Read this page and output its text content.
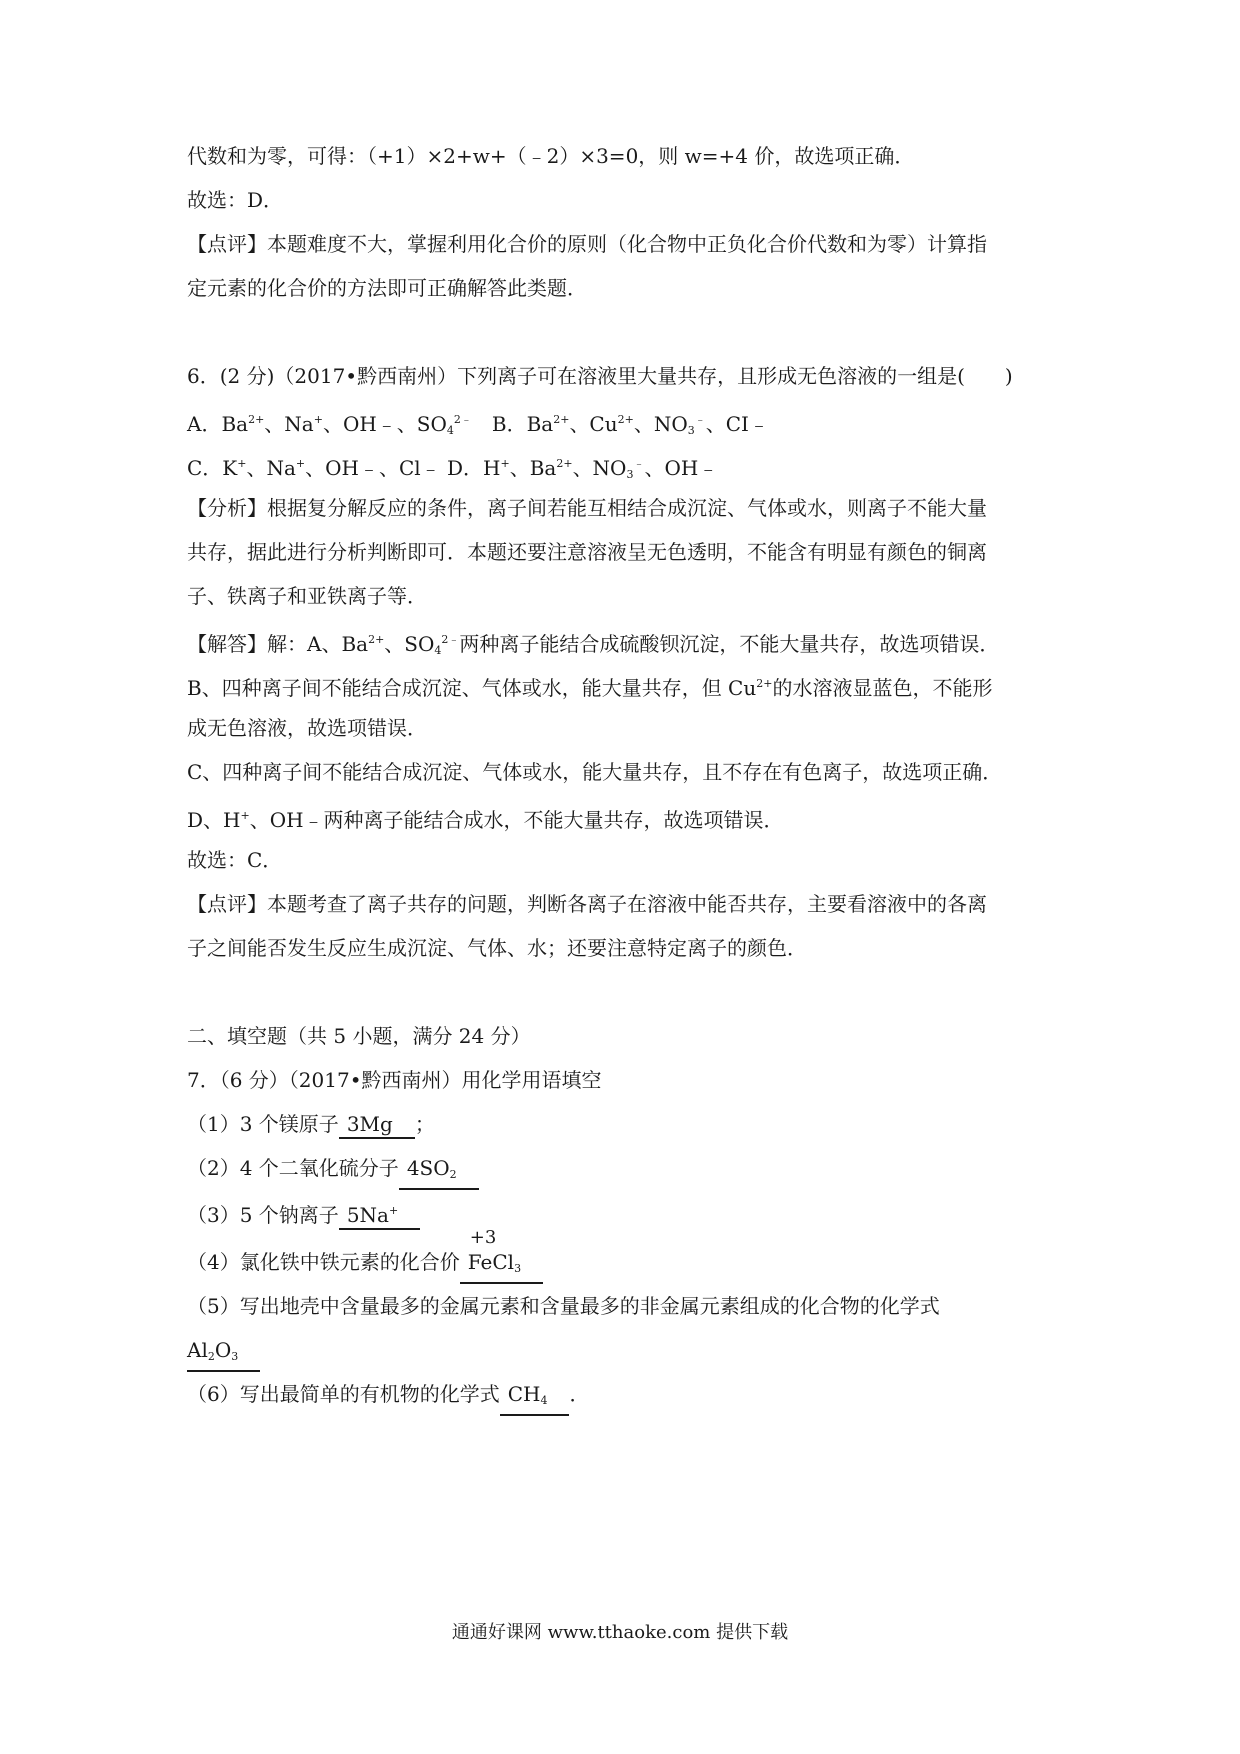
代数和为零，可得：（+1）×2+w+（﹣2）×3=0，则 w=+4 价，故选项正确．
故选：D．
【点评】本题难度不大，掌握利用化合价的原则（化合物中正负化合价代数和为零）计算指
定元素的化合价的方法即可正确解答此类题．
6．(2 分)（2017•黔西南州）下列离子可在溶液里大量共存，且形成无色溶液的一组是(　　)
A．$Ba^{2+}$、Na+、OH﹣、$SO_4^{2﹣}$　B．$Ba^{2+}$、$Cu^{2+}$、$NO_3^﹣$、CI﹣
C．K+、Na+、OH﹣、Cl﹣ D．H+、$Ba^{2+}$、$NO_3^﹣$、OH﹣
【分析】根据复分解反应的条件，离子间若能互相结合成沉淀、气体或水，则离子不能大量
共存，据此进行分析判断即可．本题还要注意溶液呈无色透明，不能含有明显有颜色的铜离
子、铁离子和亚铁离子等．
【解答】解：A、$Ba^{2+}$、$SO_4^{2﹣}$两种离子能结合成硫酸钡沉淀，不能大量共存，故选项错误．
B、四种离子间不能结合成沉淀、气体或水，能大量共存，但 $Cu^{2+}$的水溶液显蓝色，不能形
成无色溶液，故选项错误．
C、四种离子间不能结合成沉淀、气体或水，能大量共存，且不存在有色离子，故选项正确．
D、H+、OH﹣两种离子能结合成水，不能大量共存，故选项错误．
故选：C．
【点评】本题考查了离子共存的问题，判断各离子在溶液中能否共存，主要看溶液中的各离
子之间能否发生反应生成沉淀、气体、水；还要注意特定离子的颜色．
二、填空题（共 5 小题，满分 24 分）
7．（6 分）（2017•黔西南州）用化学用语填空
（1）3 个镁原子 3Mg ；
（2）4 个二氧化硫分子 $4SO_2$
（3）5 个钠离子 5Na+
（4）氯化铁中铁元素的化合价
+3
FeCl$_3$
（5）写出地壳中含量最多的金属元素和含量最多的非金属元素组成的化合物的化学式
$Al_2O_3$
（6）写出最简单的有机物的化学式 $CH_4$ ．
通通好课网 www.tthaoke.com 提供下载
